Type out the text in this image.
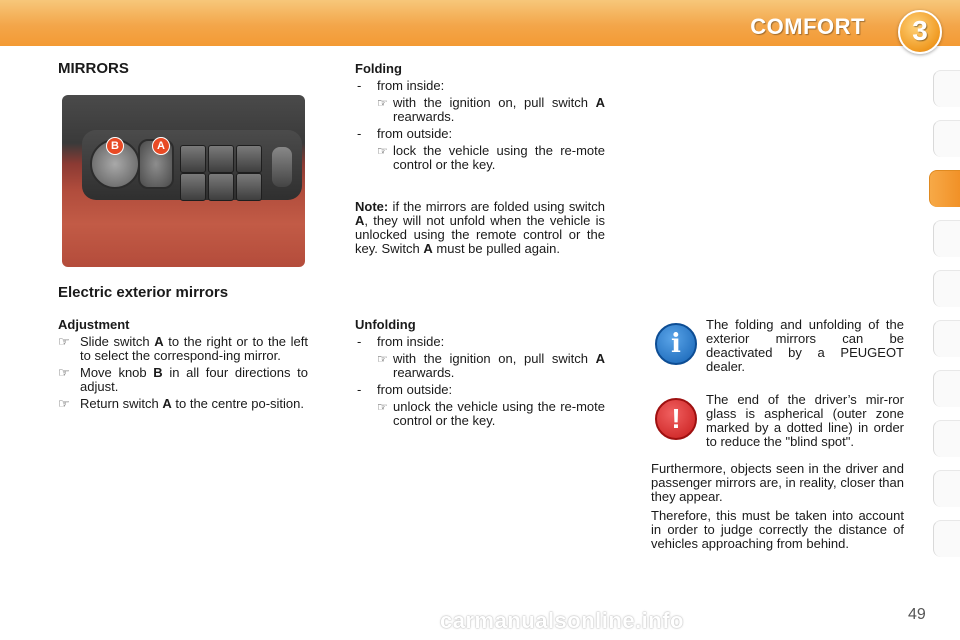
COMFORT	3
MIRRORS
B	A
Electric exterior mirrors
Adjustment
☞ Slide switch A to the right or to the left to select the correspond-ing mirror.
☞ Move knob B in all four directions to adjust.
☞ Return switch A to the centre po-sition.
Folding
- from inside:
☞ with the ignition on, pull switch A rearwards.
- from outside:
☞ lock the vehicle using the re-mote control or the key.

Note: if the mirrors are folded using switch A, they will not unfold when the vehicle is unlocked using the remote control or the key. Switch A must be pulled again.

Unfolding
- from inside:
☞ with the ignition on, pull switch A rearwards.
- from outside:
☞ unlock the vehicle using the re-mote control or the key.
i

The folding and unfolding of the exterior mirrors can be deactivated by a PEUGEOT dealer.

!

The end of the driver’s mir-ror glass is aspherical (outer zone marked by a dotted line) in order to reduce the "blind spot".

Furthermore, objects seen in the driver and passenger mirrors are, in reality, closer than they appear.

Therefore, this must be taken into account in order to judge correctly the distance of vehicles approaching from behind.

carmanualsonline.info	49
